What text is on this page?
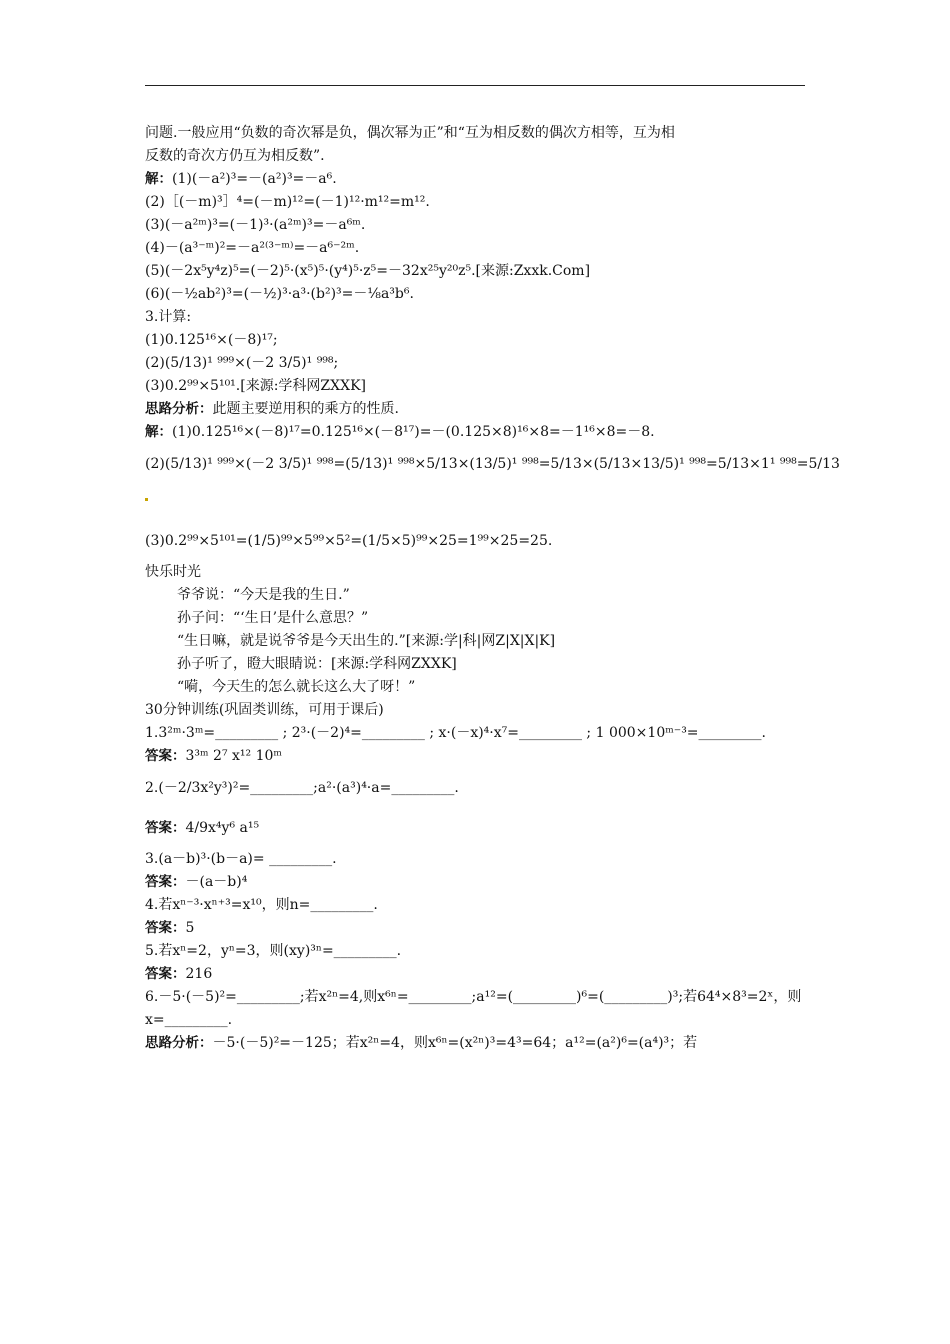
问题.一般应用“负数的奇次幂是负，偶次幂为正”和“互为相反数的偶次方相等，互为相

反数的奇次方仍互为相反数”.

解：(1)(－a²)³=－(a²)³=－a⁶.

(2)［(－m)³］⁴=(－m)¹²=(－1)¹²·m¹²=m¹².

(3)(－a²ᵐ)³=(－1)³·(a²ᵐ)³=－a⁶ᵐ.

(4)－(a³⁻ᵐ)²=－a²⁽³⁻ᵐ⁾=－a⁶⁻²ᵐ.

(5)(－2x⁵y⁴z)⁵=(－2)⁵·(x⁵)⁵·(y⁴)⁵·z⁵=－32x²⁵y²⁰z⁵.[来源:Zxxk.Com]

(6)(－½ab²)³=(－½)³·a³·(b²)³=－⅛a³b⁶.

3.计算:

(1)0.125¹⁶×(－8)¹⁷;

(2)(5/13)¹ ⁹⁹⁹×(－2 3/5)¹ ⁹⁹⁸;

(3)0.2⁹⁹×5¹⁰¹.[来源:学科网ZXXK]

思路分析：此题主要逆用积的乘方的性质.

解：(1)0.125¹⁶×(－8)¹⁷=0.125¹⁶×(－8¹⁷)=－(0.125×8)¹⁶×8=－1¹⁶×8=－8.

(2)(5/13)¹ ⁹⁹⁹×(－2 3/5)¹ ⁹⁹⁸=(5/13)¹ ⁹⁹⁸×5/13×(13/5)¹ ⁹⁹⁸=5/13×(5/13×13/5)¹ ⁹⁹⁸=5/13×1¹ ⁹⁹⁸=5/13

(3)0.2⁹⁹×5¹⁰¹=(1/5)⁹⁹×5⁹⁹×5²=(1/5×5)⁹⁹×25=1⁹⁹×25=25.

快乐时光

爷爷说：“今天是我的生日.”

孙子问：“‘生日’是什么意思？”

“生日嘛，就是说爷爷是今天出生的.”[来源:学|科|网Z|X|X|K]

孙子听了，瞪大眼睛说：[来源:学科网ZXXK]

“嗬，今天生的怎么就长这么大了呀！”

30分钟训练(巩固类训练，可用于课后)

1.3²ᵐ·3ᵐ=_________ ; 2³·(－2)⁴=_________ ; x·(－x)⁴·x⁷=_________ ; 1 000×10ᵐ⁻³=_________.

答案：3³ᵐ 2⁷ x¹² 10ᵐ

2.(－2/3x²y³)²=_________;a²·(a³)⁴·a=_________.

答案：4/9x⁴y⁶ a¹⁵

3.(a－b)³·(b－a)= _________.

答案：－(a－b)⁴

4.若xⁿ⁻³·xⁿ⁺³=x¹⁰，则n=_________.

答案：5

5.若xⁿ=2，yⁿ=3，则(xy)³ⁿ=_________.

答案：216

6.－5·(－5)²=_________;若x²ⁿ=4,则x⁶ⁿ=_________;a¹²=(_________)⁶=(_________)³;若64⁴×8³=2ˣ，则x=_________.

思路分析：－5·(－5)²=－125；若x²ⁿ=4，则x⁶ⁿ=(x²ⁿ)³=4³=64；a¹²=(a²)⁶=(a⁴)³；若
